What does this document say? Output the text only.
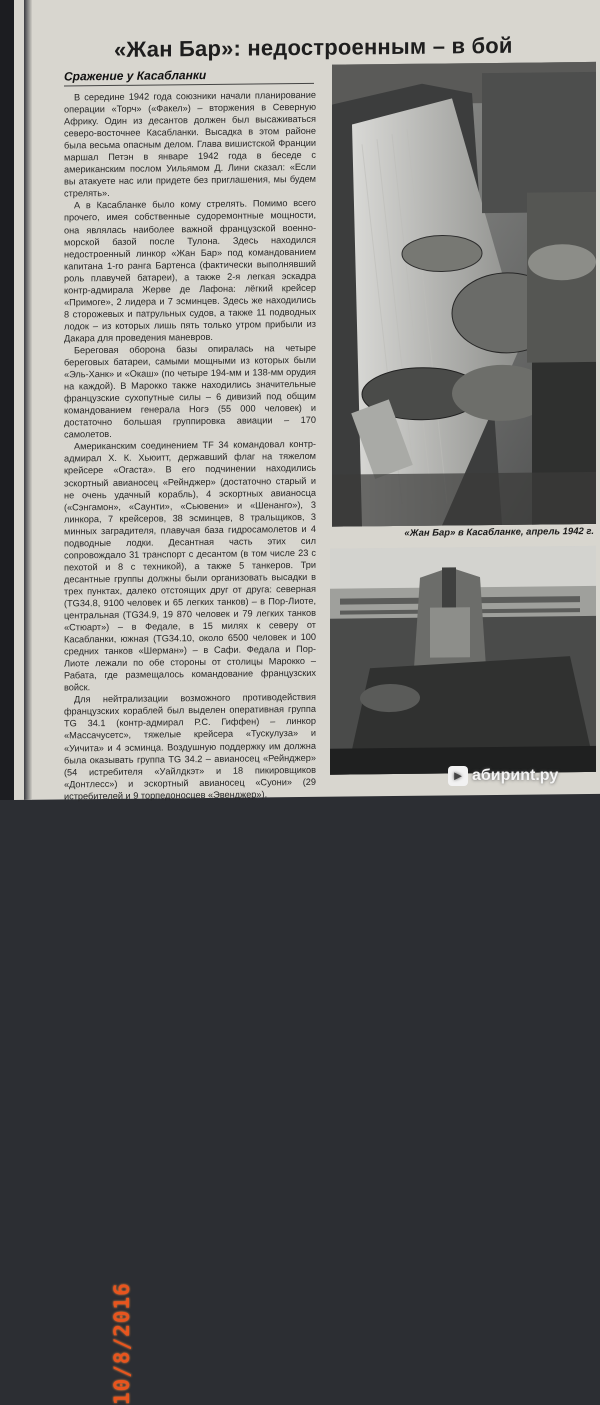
«Жан Бар»: недостроенным – в бой
Сражение у Касабланки

В середине 1942 года союзники начали планирование операции «Торч» («Факел») – вторжения в Северную Африку. Один из десантов должен был высаживаться северо-восточнее Касабланки. Высадка в этом районе была весьма опасным делом. Глава вишистской Франции маршал Петэн в январе 1942 года в беседе с американским послом Уильямом Д. Лини сказал: «Если вы атакуете нас или придете без приглашения, мы будем стрелять».

А в Касабланке было кому стрелять. Помимо всего прочего, имея собственные судоремонтные мощности, она являлась наиболее важной французской военно-морской базой после Тулона. Здесь находился недостроенный линкор «Жан Бар» под командованием капитана 1-го ранга Бартенса (фактически выполнявший роль плавучей батареи), а также 2-я легкая эскадра контр-адмирала Жерве де Лафона: лёгкий крейсер «Примоге», 2 лидера и 7 эсминцев. Здесь же находились 8 сторожевых и патрульных судов, а также 11 подводных лодок – из которых лишь пять только утром прибыли из Дакара для проведения маневров.

Береговая оборона базы опиралась на четыре береговых батареи, самыми мощными из которых были «Эль-Ханк» и «Окаш» (по четыре 194-мм и 138-мм орудия на каждой). В Марокко также находились значительные французские сухопутные силы – 6 дивизий под общим командованием генерала Ногэ (55 000 человек) и достаточно большая группировка авиации – 170 самолетов.

Американским соединением TF 34 командовал контр-адмирал Х. К. Хьюитт, державший флаг на тяжелом крейсере «Огаста». В его подчинении находились эскортный авианосец «Рейнджер» (достаточно старый и не очень удачный корабль), 4 эскортных авианосца («Сэнгамон», «Саунти», «Сьювени» и «Шенанго»), 3 линкора, 7 крейсеров, 38 эсминцев, 8 тральщиков, 3 минных заградителя, плавучая база гидросамолетов и 4 подводные лодки. Десантная часть этих сил сопровождало 31 транспорт с десантом (в том числе 23 с пехотой и 8 с техникой), а также 5 танкеров. Три десантные группы должны были организовать высадки в трех пунктах, далеко отстоящих друг от друга: северная (TG34.8, 9100 человек и 65 легких танков) – в Пор-Лиоте, центральная (TG34.9, 19 870 человек и 79 легких танков «Стюарт») – в Федале, в 15 милях к северу от Касабланки, южная (TG34.10, около 6500 человек и 100 средних танков «Шерман») – в Сафи. Федала и Пор-Лиоте лежали по обе стороны от столицы Марокко – Рабата, где размещалось командование французских войск.

Для нейтрализации возможного противодействия французских кораблей был выделен оперативная группа TG 34.1 (контр-адмирал Р.С. Гиффен) – линкор «Массачусетс», тяжелые крейсера «Тускулуза» и «Уичита» и 4 эсминца. Воздушную поддержку им должна была оказывать группа TG 34.2 – авианосец «Рейнджер» (54 истребителя «Уайлдкэт» и 18 пикировщиков «Донтлесс») и эскортный авианосец «Суони» (29 истребителей и 9 торпедоносцев «Эвенджер»).

«Жан Бар» в Касабланке, апрель 1942 г.
10/8/2016
► абириnt.ру
